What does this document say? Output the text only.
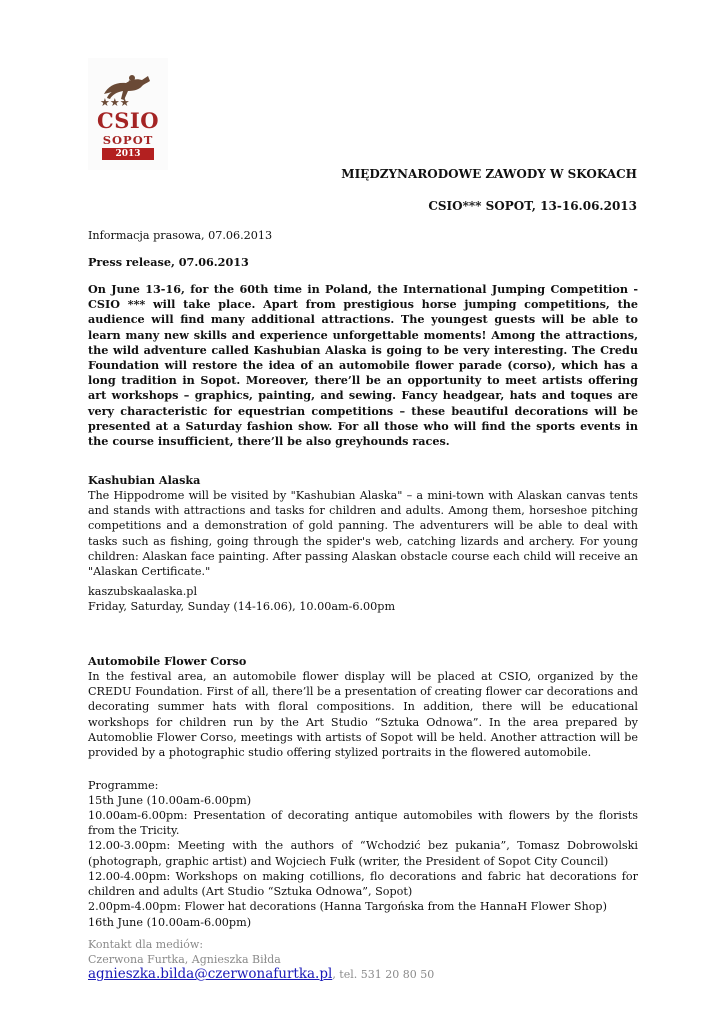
★★★
CSIO
SOPOT
2013
MIĘDZYNARODOWE ZAWODY W SKOKACH
CSIO*** SOPOT, 13-16.06.2013

Informacja prasowa, 07.06.2013

Press release, 07.06.2013

On June 13-16, for the 60th time in Poland, the International Jumping Competition - CSIO *** will take place. Apart from prestigious horse jumping competitions, the audience will find many additional attractions. The youngest guests will be able to learn many new skills and experience unforgettable moments! Among the attractions, the wild adventure called Kashubian Alaska is going to be very interesting. The Credu Foundation will restore the idea of an automobile flower parade (corso), which has a long tradition in Sopot. Moreover, there’ll be an opportunity to meet artists offering art workshops – graphics, painting, and sewing. Fancy headgear, hats and toques are very characteristic for equestrian competitions – these beautiful decorations will be presented at a Saturday fashion show. For all those who will find the sports events in the course insufficient, there’ll be also greyhounds races.

Kashubian Alaska

The Hippodrome will be visited by "Kashubian Alaska" – a mini-town with Alaskan canvas tents and stands with attractions and tasks for children and adults. Among them, horseshoe pitching competitions and a demonstration of gold panning. The adventurers will be able to deal with tasks such as fishing, going through the spider's web, catching lizards and archery. For young children: Alaskan face painting. After passing Alaskan obstacle course each child will receive an "Alaskan Certificate."

kaszubskaalaska.pl

Friday, Saturday, Sunday (14-16.06), 10.00am-6.00pm

Automobile Flower Corso

In the festival area, an automobile flower display will be placed at CSIO, organized by the CREDU Foundation. First of all, there’ll be a presentation of creating flower car decorations and decorating summer hats with floral compositions. In addition, there will be educational workshops for children run by the Art Studio “Sztuka Odnowa”. In the area prepared by Automoblie Flower Corso, meetings with artists of Sopot will be held. Another attraction will be provided by a photographic studio offering stylized portraits in the flowered automobile.

Programme:

15th June (10.00am-6.00pm)

10.00am-6.00pm: Presentation of decorating antique automobiles with flowers by the florists from the Tricity.

12.00-3.00pm: Meeting with the authors of “Wchodzić bez pukania”, Tomasz Dobrowolski (photograph, graphic artist) and Wojciech Fułk (writer, the President of Sopot City Council)

12.00-4.00pm: Workshops on making cotillions, flo decorations and fabric hat decorations for children and adults (Art Studio “Sztuka Odnowa”, Sopot)

2.00pm-4.00pm: Flower hat decorations (Hanna Targońska from the HannaH Flower Shop)

16th June (10.00am-6.00pm)

Kontakt dla mediów:
Czerwona Furtka, Agnieszka Biłda
agnieszka.bilda@czerwonafurtka.pl, tel. 531 20 80 50
